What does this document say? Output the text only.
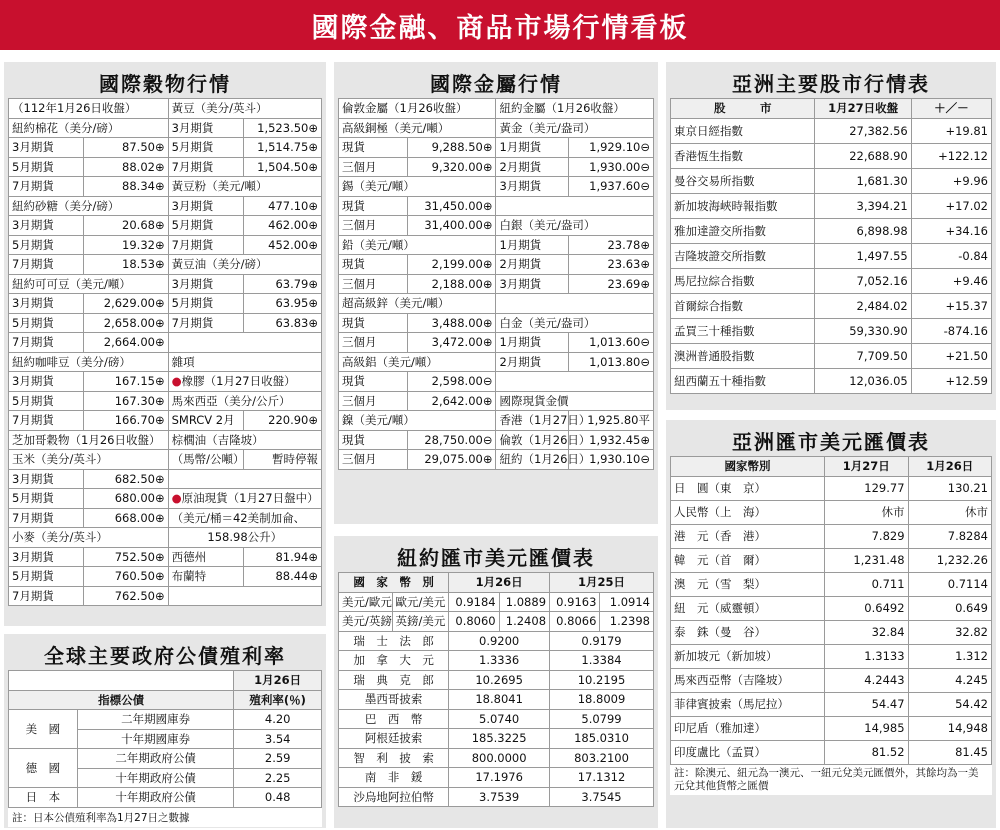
國際金融、商品市場行情看板
國際穀物行情
（112年1月26日收盤）		黃豆（美分/英斗）	
紐約棉花（美分/磅）		3月期貨	1,523.50⊕
3月期貨	87.50⊕	5月期貨	1,514.75⊕
5月期貨	88.02⊕	7月期貨	1,504.50⊕
7月期貨	88.34⊕	黃豆粉（美元/噸）	
紐約砂糖（美分/磅）		3月期貨	477.10⊕
3月期貨	20.68⊕	5月期貨	462.00⊕
5月期貨	19.32⊕	7月期貨	452.00⊕
7月期貨	18.53⊕	黃豆油（美分/磅）	
紐約可可豆（美元/噸）		3月期貨	63.79⊕
3月期貨	2,629.00⊕	5月期貨	63.95⊕
5月期貨	2,658.00⊕	7月期貨	63.83⊕
7月期貨	2,664.00⊕		
紐約咖啡豆（美分/磅）		雜項	
3月期貨	167.15⊕	●橡膠（1月27日收盤）	
5月期貨	167.30⊕	馬來西亞（美分/公斤）	
7月期貨	166.70⊕	SMRCV 2月	220.90⊕
芝加哥穀物（1月26日收盤）		棕櫚油（吉隆坡）	
玉米（美分/英斗）		（馬幣/公噸）	暫時停報
3月期貨	682.50⊕		
5月期貨	680.00⊕	●原油現貨（1月27日盤中）	
7月期貨	668.00⊕	（美元/桶＝42美制加侖、	
小麥（美分/英斗）		158.98公升）	
3月期貨	752.50⊕	西德州	81.94⊕
5月期貨	760.50⊕	布蘭特	88.44⊕
7月期貨	762.50⊕		
全球主要政府公債殖利率
		1月26日
指標公債		殖利率(％)
美　國	二年期國庫券	4.20
	十年期國庫券	3.54
德　國	二年期政府公債	2.59
	十年期政府公債	2.25
日　本	十年期政府公債	0.48
註：日本公債殖利率為1月27日之數據
國際金屬行情
倫敦金屬（1月26收盤）		紐約金屬（1月26收盤）	
高級銅極（美元/噸）		黃金（美元/盎司）	
現貨	9,288.50⊕	1月期貨	1,929.10⊖
三個月	9,320.00⊕	2月期貨	1,930.00⊖
錫（美元/噸）		3月期貨	1,937.60⊖
現貨	31,450.00⊕		
三個月	31,400.00⊕	白銀（美元/盎司）	
鉛（美元/噸）		1月期貨	23.78⊕
現貨	2,199.00⊕	2月期貨	23.63⊕
三個月	2,188.00⊕	3月期貨	23.69⊕
超高級鋅（美元/噸）			
現貨	3,488.00⊕	白金（美元/盎司）	
三個月	3,472.00⊕	1月期貨	1,013.60⊖
高級鋁（美元/噸）		2月期貨	1,013.80⊖
現貨	2,598.00⊖		
三個月	2,642.00⊕	國際現貨金價	
鎳（美元/噸）		香港（1月27日）	1,925.80平
現貨	28,750.00⊖	倫敦（1月26日）	1,932.45⊕
三個月	29,075.00⊕	紐約（1月26日）	1,930.10⊖
紐約匯市美元匯價表
國　家　幣　別		1月26日		1月25日	
美元/歐元	歐元/美元	0.9184	1.0889	0.9163	1.0914
美元/英鎊	英鎊/美元	0.8060	1.2408	0.8066	1.2398
瑞　士　法　郎		0.9200		0.9179	
加　拿　大　元		1.3336		1.3384	
瑞　典　克　郎		10.2695		10.2195	
墨西哥披索		18.8041		18.8009	
巴　西　幣		5.0740		5.0799	
阿根廷披索		185.3225		185.0310	
智　利　披　索		800.0000		803.2100	
南　非　鍰		17.1976		17.1312	
沙烏地阿拉伯幣		3.7539		3.7545	
亞洲主要股市行情表
股　　　市	1月27日收盤	＋／－
東京日經指數	27,382.56	+19.81
香港恆生指數	22,688.90	+122.12
曼谷交易所指數	1,681.30	+9.96
新加坡海峽時報指數	3,394.21	+17.02
雅加達證交所指數	6,898.98	+34.16
吉隆坡證交所指數	1,497.55	-0.84
馬尼拉綜合指數	7,052.16	+9.46
首爾綜合指數	2,484.02	+15.37
孟買三十種指數	59,330.90	-874.16
澳洲普通股指數	7,709.50	+21.50
紐西蘭五十種指數	12,036.05	+12.59
亞洲匯市美元匯價表
國家幣別	1月27日	1月26日
日　圓（東　京）	129.77	130.21
人民幣（上　海）	休市	休市
港　元（香　港）	7.829	7.8284
韓　元（首　爾）	1,231.48	1,232.26
澳　元（雪　梨）	0.711	0.7114
紐　元（威靈頓）	0.6492	0.649
泰　銖（曼　谷）	32.84	32.82
新加坡元（新加坡）	1.3133	1.312
馬來西亞幣（吉隆坡）	4.2443	4.245
菲律賓披索（馬尼拉）	54.47	54.42
印尼盾（雅加達）	14,985	14,948
印度盧比（孟買）	81.52	81.45
註：除澳元、紐元為一澳元、一紐元兌美元匯價外，其餘均為一美元兌其他貨幣之匯價
